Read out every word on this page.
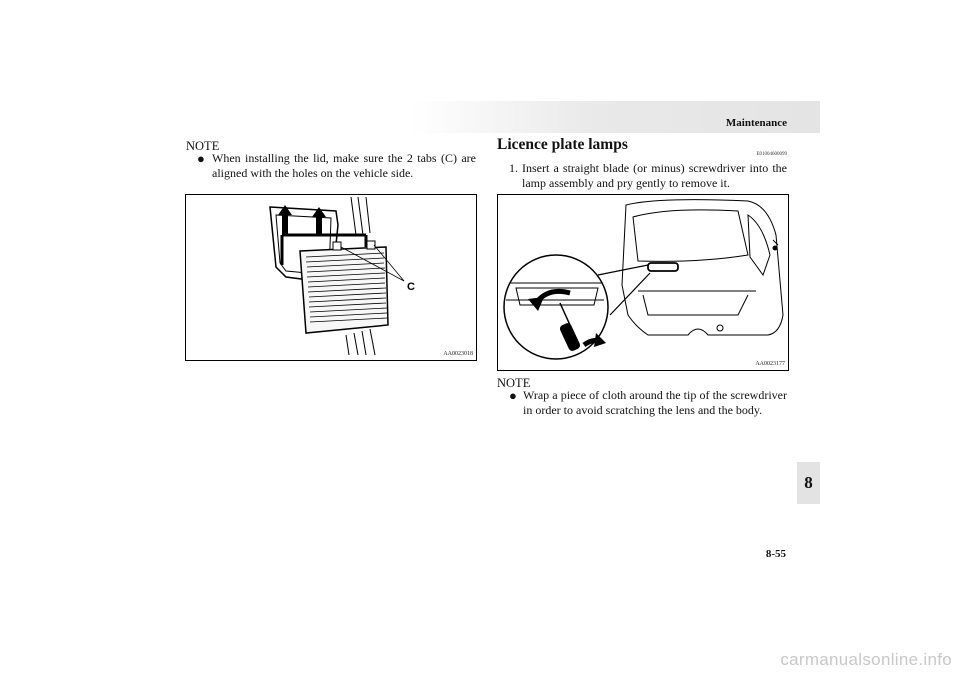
Maintenance
8
8-55
NOTE
● When installing the lid, make sure the 2 tabs (C) are aligned with the holes on the vehicle side.
C
AA0023018
Licence plate lamps
E01004600099
1. Insert a straight blade (or minus) screwdriver into the lamp assembly and pry gently to remove it.
AA0023177
NOTE
● Wrap a piece of cloth around the tip of the screwdriver in order to avoid scratching the lens and the body.
carmanualsonline.info
